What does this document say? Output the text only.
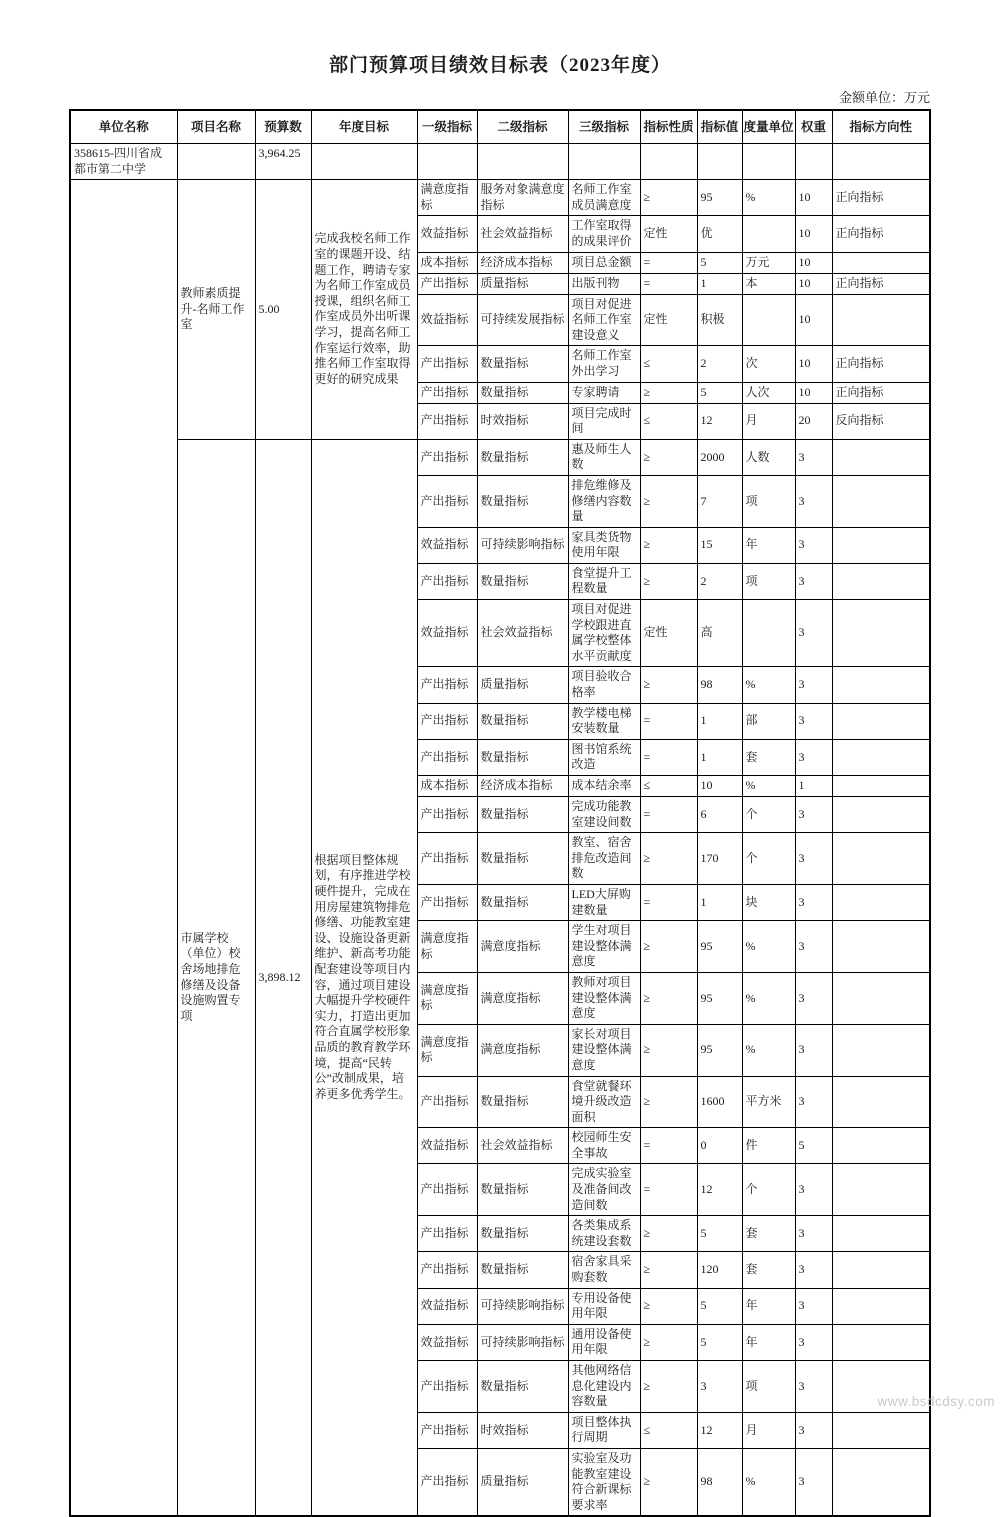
部门预算项目绩效目标表（2023年度）
金额单位：万元
单位名称	项目名称	预算数	年度目标	一级指标	二级指标	三级指标	指标性质	指标值	度量单位	权重	指标方向性
358615-四川省成都市第二中学		3,964.25									
	教师素质提升-名师工作室	5.00	完成我校名师工作室的课题开设、结题工作，聘请专家为名师工作室成员授课，组织名师工作室成员外出听课学习，提高名师工作室运行效率，助推名师工作室取得更好的研究成果	满意度指标	服务对象满意度指标	名师工作室成员满意度	≥	95	%	10	正向指标
				效益指标	社会效益指标	工作室取得的成果评价	定性	优		10	正向指标
				成本指标	经济成本指标	项目总金额	=	5	万元	10	
				产出指标	质量指标	出版刊物	=	1	本	10	正向指标
				效益指标	可持续发展指标	项目对促进名师工作室建设意义	定性	积极		10	
				产出指标	数量指标	名师工作室外出学习	≤	2	次	10	正向指标
				产出指标	数量指标	专家聘请	≥	5	人次	10	正向指标
				产出指标	时效指标	项目完成时间	≤	12	月	20	反向指标
	市属学校（单位）校舍场地排危修缮及设备设施购置专项	3,898.12	根据项目整体规划，有序推进学校硬件提升，完成在用房屋建筑物排危修缮、功能教室建设、设施设备更新维护、新高考功能配套建设等项目内容，通过项目建设大幅提升学校硬件实力，打造出更加符合直属学校形象品质的教育教学环境，提高“民转公”改制成果，培养更多优秀学生。	产出指标	数量指标	惠及师生人数	≥	2000	人数	3	
				产出指标	数量指标	排危维修及修缮内容数量	≥	7	项	3	
				效益指标	可持续影响指标	家具类货物使用年限	≥	15	年	3	
				产出指标	数量指标	食堂提升工程数量	≥	2	项	3	
				效益指标	社会效益指标	项目对促进学校跟进直属学校整体水平贡献度	定性	高		3	
				产出指标	质量指标	项目验收合格率	≥	98	%	3	
				产出指标	数量指标	教学楼电梯安装数量	=	1	部	3	
				产出指标	数量指标	图书馆系统改造	=	1	套	3	
				成本指标	经济成本指标	成本结余率	≤	10	%	1	
				产出指标	数量指标	完成功能教室建设间数	=	6	个	3	
				产出指标	数量指标	教室、宿舍排危改造间数	≥	170	个	3	
				产出指标	数量指标	LED大屏购建数量	=	1	块	3	
				满意度指标	满意度指标	学生对项目建设整体满意度	≥	95	%	3	
				满意度指标	满意度指标	教师对项目建设整体满意度	≥	95	%	3	
				满意度指标	满意度指标	家长对项目建设整体满意度	≥	95	%	3	
				产出指标	数量指标	食堂就餐环境升级改造面积	≥	1600	平方米	3	
				效益指标	社会效益指标	校园师生安全事故	=	0	件	5	
				产出指标	数量指标	完成实验室及准备间改造间数	=	12	个	3	
				产出指标	数量指标	各类集成系统建设套数	≥	5	套	3	
				产出指标	数量指标	宿舍家具采购套数	≥	120	套	3	
				效益指标	可持续影响指标	专用设备使用年限	≥	5	年	3	
				效益指标	可持续影响指标	通用设备使用年限	≥	5	年	3	
				产出指标	数量指标	其他网络信息化建设内容数量	≥	3	项	3	
				产出指标	时效指标	项目整体执行周期	≤	12	月	3	
				产出指标	质量指标	实验室及功能教室建设符合新课标要求率	≥	98	%	3	
www.bsdcdsy.com
